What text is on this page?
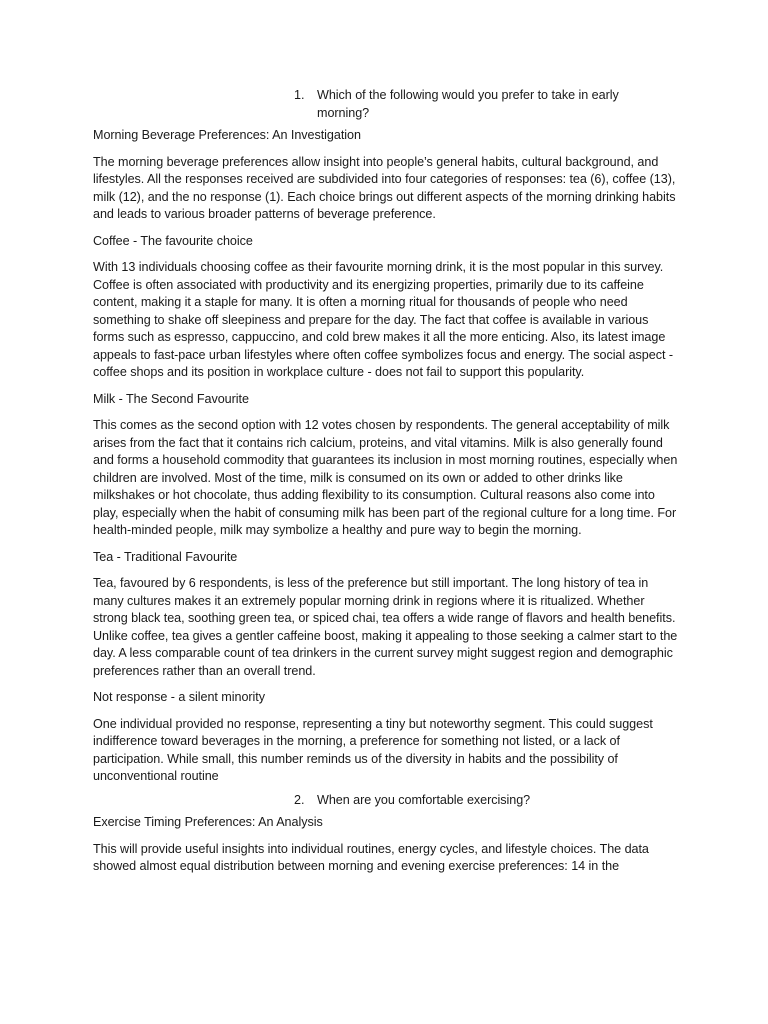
1. Which of the following would you prefer to take in early morning?

Morning Beverage Preferences: An Investigation

The morning beverage preferences allow insight into people’s general habits, cultural background, and lifestyles. All the responses received are subdivided into four categories of responses: tea (6), coffee (13), milk (12), and the no response (1). Each choice brings out different aspects of the morning drinking habits and leads to various broader patterns of beverage preference.

Coffee - The favourite choice

With 13 individuals choosing coffee as their favourite morning drink, it is the most popular in this survey. Coffee is often associated with productivity and its energizing properties, primarily due to its caffeine content, making it a staple for many. It is often a morning ritual for thousands of people who need something to shake off sleepiness and prepare for the day. The fact that coffee is available in various forms such as espresso, cappuccino, and cold brew makes it all the more enticing. Also, its latest image appeals to fast-pace urban lifestyles where often coffee symbolizes focus and energy. The social aspect - coffee shops and its position in workplace culture - does not fail to support this popularity.

Milk - The Second Favourite

This comes as the second option with 12 votes chosen by respondents. The general acceptability of milk arises from the fact that it contains rich calcium, proteins, and vital vitamins. Milk is also generally found and forms a household commodity that guarantees its inclusion in most morning routines, especially when children are involved. Most of the time, milk is consumed on its own or added to other drinks like milkshakes or hot chocolate, thus adding flexibility to its consumption. Cultural reasons also come into play, especially when the habit of consuming milk has been part of the regional culture for a long time. For health-minded people, milk may symbolize a healthy and pure way to begin the morning.

Tea - Traditional Favourite

Tea, favoured by 6 respondents, is less of the preference but still important. The long history of tea in many cultures makes it an extremely popular morning drink in regions where it is ritualized. Whether strong black tea, soothing green tea, or spiced chai, tea offers a wide range of flavors and health benefits. Unlike coffee, tea gives a gentler caffeine boost, making it appealing to those seeking a calmer start to the day. A less comparable count of tea drinkers in the current survey might suggest region and demographic preferences rather than an overall trend.

Not response - a silent minority

One individual provided no response, representing a tiny but noteworthy segment. This could suggest indifference toward beverages in the morning, a preference for something not listed, or a lack of participation. While small, this number reminds us of the diversity in habits and the possibility of unconventional routine

2. When are you comfortable exercising?

Exercise Timing Preferences: An Analysis

This will provide useful insights into individual routines, energy cycles, and lifestyle choices. The data showed almost equal distribution between morning and evening exercise preferences: 14 in the
